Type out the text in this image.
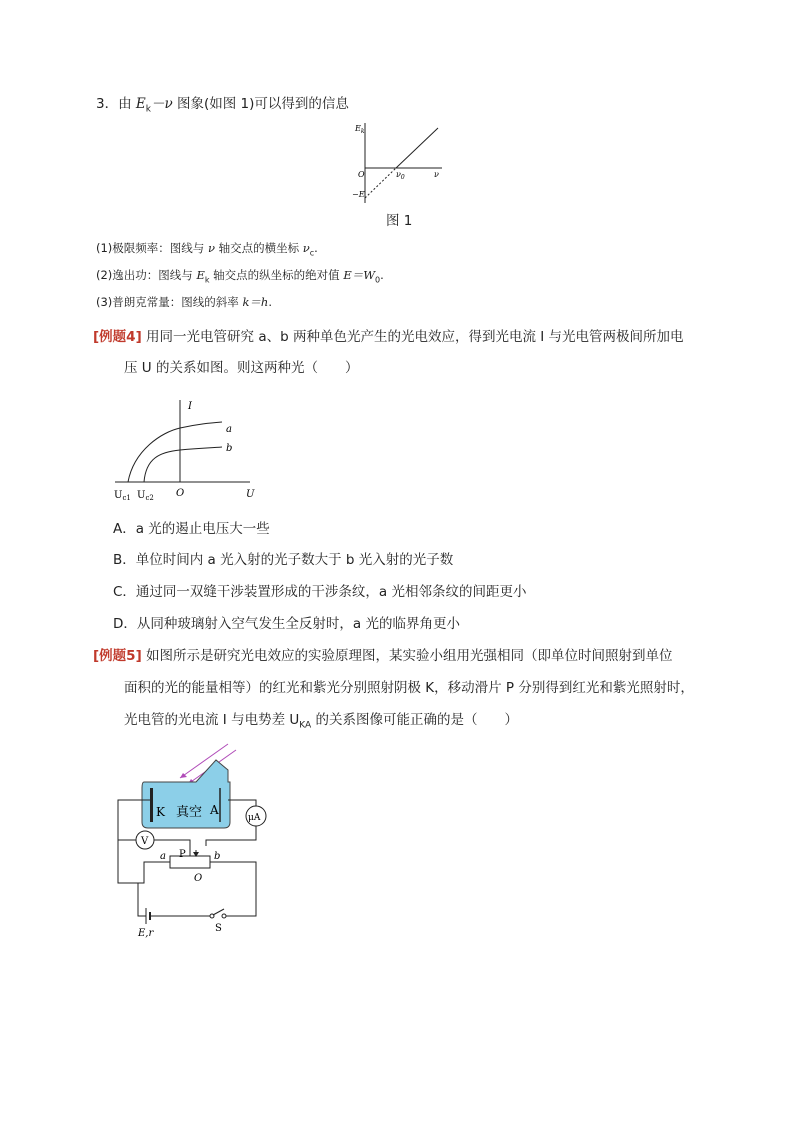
3．由 $E_k-\nu$ 图象(如图 1)可以得到的信息
$E_k$
O	$\nu_0$	ν
−E
图 1
(1)极限频率：图线与 ν 轴交点的横坐标 $\nu_c$.
(2)逸出功：图线与 $E_k$ 轴交点的纵坐标的绝对值 $E=W_0$.
(3)普朗克常量：图线的斜率 k＝h.
[例题4] 用同一光电管研究 a、b 两种单色光产生的光电效应，得到光电流 I 与光电管两极间所加电
压 U 的关系如图。则这两种光（　　）
I
a
b
O	U
$U_{c1}$ $U_{c2}$
A．a 光的遏止电压大一些
B．单位时间内 a 光入射的光子数大于 b 光入射的光子数
C．通过同一双缝干涉装置形成的干涉条纹，a 光相邻条纹的间距更小
D．从同种玻璃射入空气发生全反射时，a 光的临界角更小
[例题5] 如图所示是研究光电效应的实验原理图，某实验小组用光强相同（即单位时间照射到单位
面积的光的能量相等）的红光和紫光分别照射阴极 K，移动滑片 P 分别得到红光和紫光照射时，
光电管的光电流 I 与电势差 $U_{KA}$ 的关系图像可能正确的是（　　）
真空
K	A
μA
V
P
a	b
O
E,r	S
